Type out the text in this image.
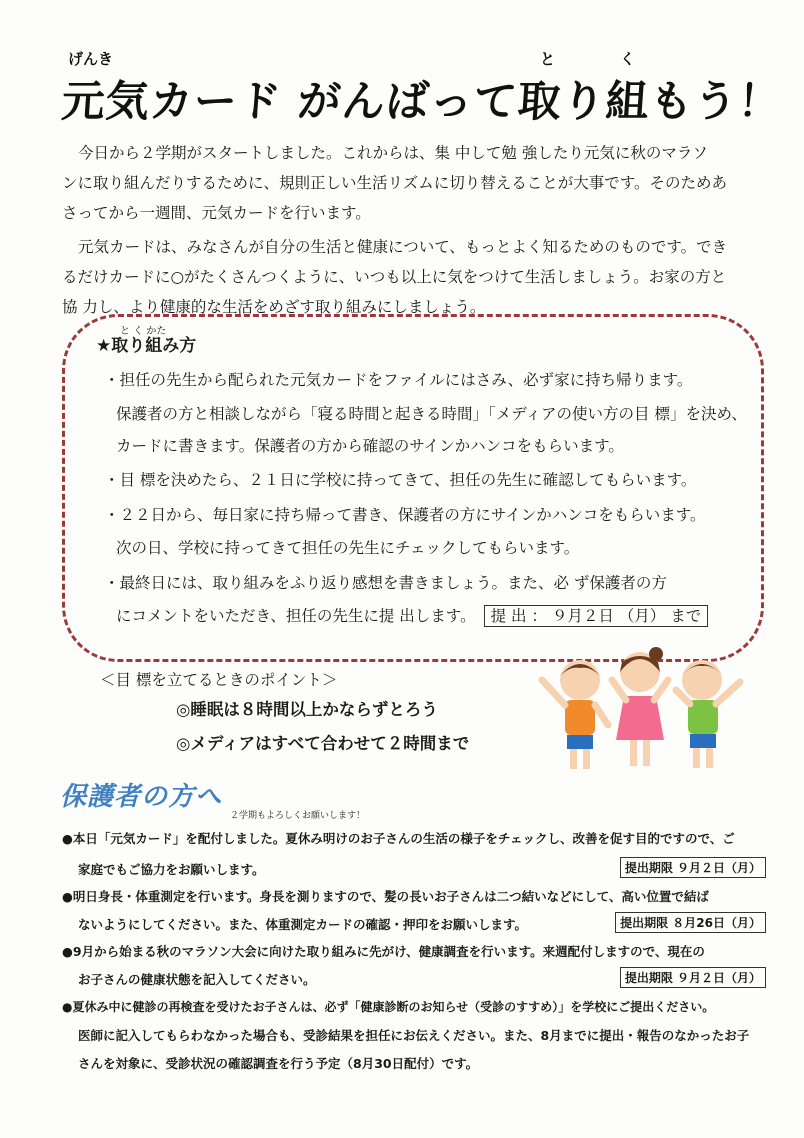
げんき	と	く
元気カード がんばって取り組もう！

今日から２学期がスタートしました。これからは、集 中して勉 強したり元気に秋のマラソ

ンに取り組んだりするために、規則正しい生活リズムに切り替えることが大事です。そのためあ

さってから一週間、元気カードを行います。

元気カードは、みなさんが自分の生活と健康について、もっとよく知るためのものです。でき

るだけカードに○がたくさんつくように、いつも以上に気をつけて生活しましょう。お家の方と

協 力し、より健康的な生活をめざす取り組みにしましょう。

と く かた
★取り組み方
・担任の先生から配られた元気カードをファイルにはさみ、必ず家に持ち帰ります。
保護者の方と相談しながら「寝る時間と起きる時間」「メディアの使い方の目 標」を決め、
カードに書きます。保護者の方から確認のサインかハンコをもらいます。
・目 標を決めたら、２１日に学校に持ってきて、担任の先生に確認してもらいます。
・２２日から、毎日家に持ち帰って書き、保護者の方にサインかハンコをもらいます。
次の日、学校に持ってきて担任の先生にチェックしてもらいます。
・最終日には、取り組みをふり返り感想を書きましょう。また、必 ず保護者の方
にコメントをいただき、担任の先生に提 出します。 提 出 ： ９月２日 （月） まで
＜目 標を立てるときのポイント＞
◎睡眠は８時間以上かならずとろう
◎メディアはすべて合わせて２時間まで
保護者の方へ
２学期もよろしくお願いします！
●本日「元気カード」を配付しました。夏休み明けのお子さんの生活の様子をチェックし、改善を促す目的ですので、ご
家庭でもご協力をお願いします。	提出期限 ９月２日（月）
●明日身長・体重測定を行います。身長を測りますので、髪の長いお子さんは二つ結いなどにして、高い位置で結ば
ないようにしてください。また、体重測定カードの確認・押印をお願いします。	提出期限 ８月26日（月）
●9月から始まる秋のマラソン大会に向けた取り組みに先がけ、健康調査を行います。来週配付しますので、現在の
お子さんの健康状態を記入してください。	提出期限 ９月２日（月）
●夏休み中に健診の再検査を受けたお子さんは、必ず「健康診断のお知らせ（受診のすすめ）」を学校にご提出ください。
医師に記入してもらわなかった場合も、受診結果を担任にお伝えください。また、8月までに提出・報告のなかったお子
さんを対象に、受診状況の確認調査を行う予定（8月30日配付）です。
